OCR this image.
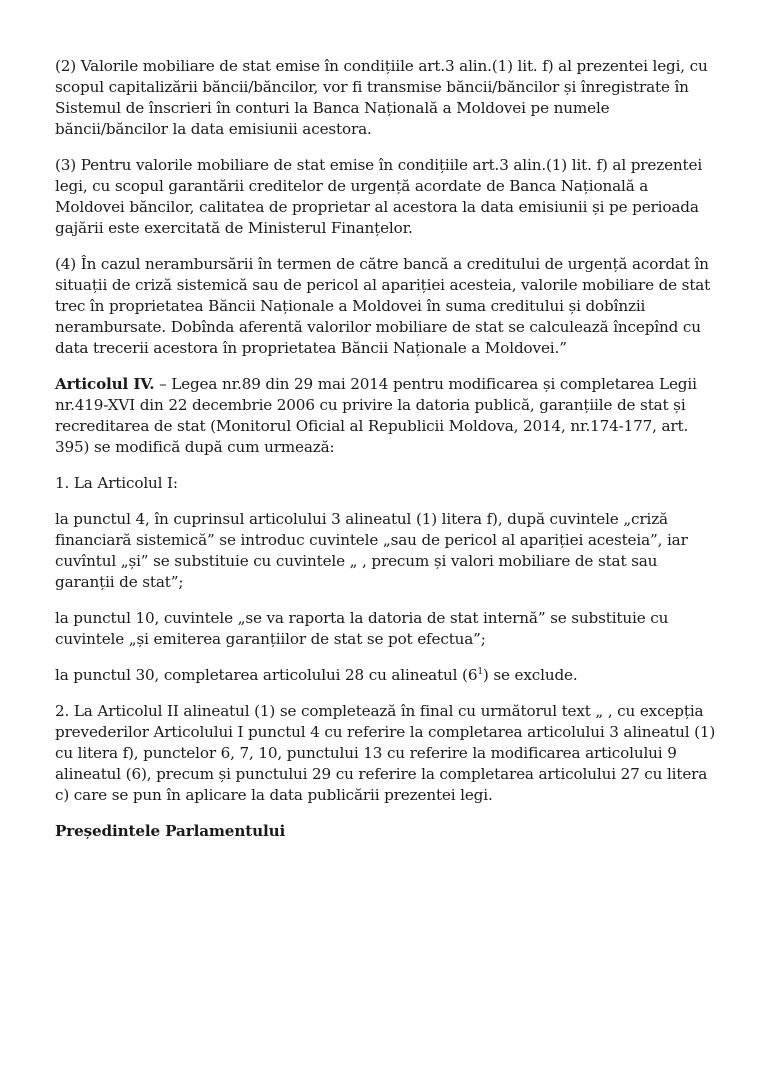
(2) Valorile mobiliare de stat emise în condițiile art.3 alin.(1) lit. f) al prezentei legi, cu scopul capitalizării băncii/băncilor, vor fi transmise băncii/băncilor și înregistrate în Sistemul de înscrieri în conturi la Banca Națională a Moldovei pe numele băncii/băncilor la data emisiunii acestora.

(3) Pentru valorile mobiliare de stat emise în condițiile art.3 alin.(1) lit. f) al prezentei legi, cu scopul garantării creditelor de urgență acordate de Banca Națională a Moldovei băncilor, calitatea de proprietar al acestora la data emisiunii și pe perioada gajării este exercitată de Ministerul Finanțelor.

(4) În cazul nerambursării în termen de către bancă a creditului de urgență acordat în situații de criză sistemică sau de pericol al apariției acesteia, valorile mobiliare de stat trec în proprietatea Băncii Naționale a Moldovei în suma creditului și dobînzii nerambursate. Dobînda aferentă valorilor mobiliare de stat se calculează începînd cu data trecerii acestora în proprietatea Băncii Naționale a Moldovei.”

Articolul IV. – Legea nr.89 din 29 mai 2014 pentru modificarea și completarea Legii nr.419-XVI din 22 decembrie 2006 cu privire la datoria publică, garanțiile de stat și recreditarea de stat (Monitorul Oficial al Republicii Moldova, 2014, nr.174-177, art. 395) se modifică după cum urmează:

1. La Articolul I:

la punctul 4, în cuprinsul articolului 3 alineatul (1) litera f), după cuvintele „criză financiară sistemică” se introduc cuvintele „sau de pericol al apariției acesteia”, iar cuvîntul „și” se substituie cu cuvintele „ , precum și valori mobiliare de stat sau garanții de stat”;

la punctul 10, cuvintele „se va raporta la datoria de stat internă” se substituie cu cuvintele „și emiterea garanțiilor de stat se pot efectua”;

la punctul 30, completarea articolului 28 cu alineatul $(6^1)$ se exclude.

2. La Articolul II alineatul (1) se completează în final cu următorul text „ , cu excepția prevederilor Articolului I punctul 4 cu referire la completarea articolului 3 alineatul (1) cu litera f), punctelor 6, 7, 10, punctului 13 cu referire la modificarea articolului 9 alineatul (6), precum și punctului 29 cu referire la completarea articolului 27 cu litera c) care se pun în aplicare la data publicării prezentei legi.

Președintele Parlamentului
